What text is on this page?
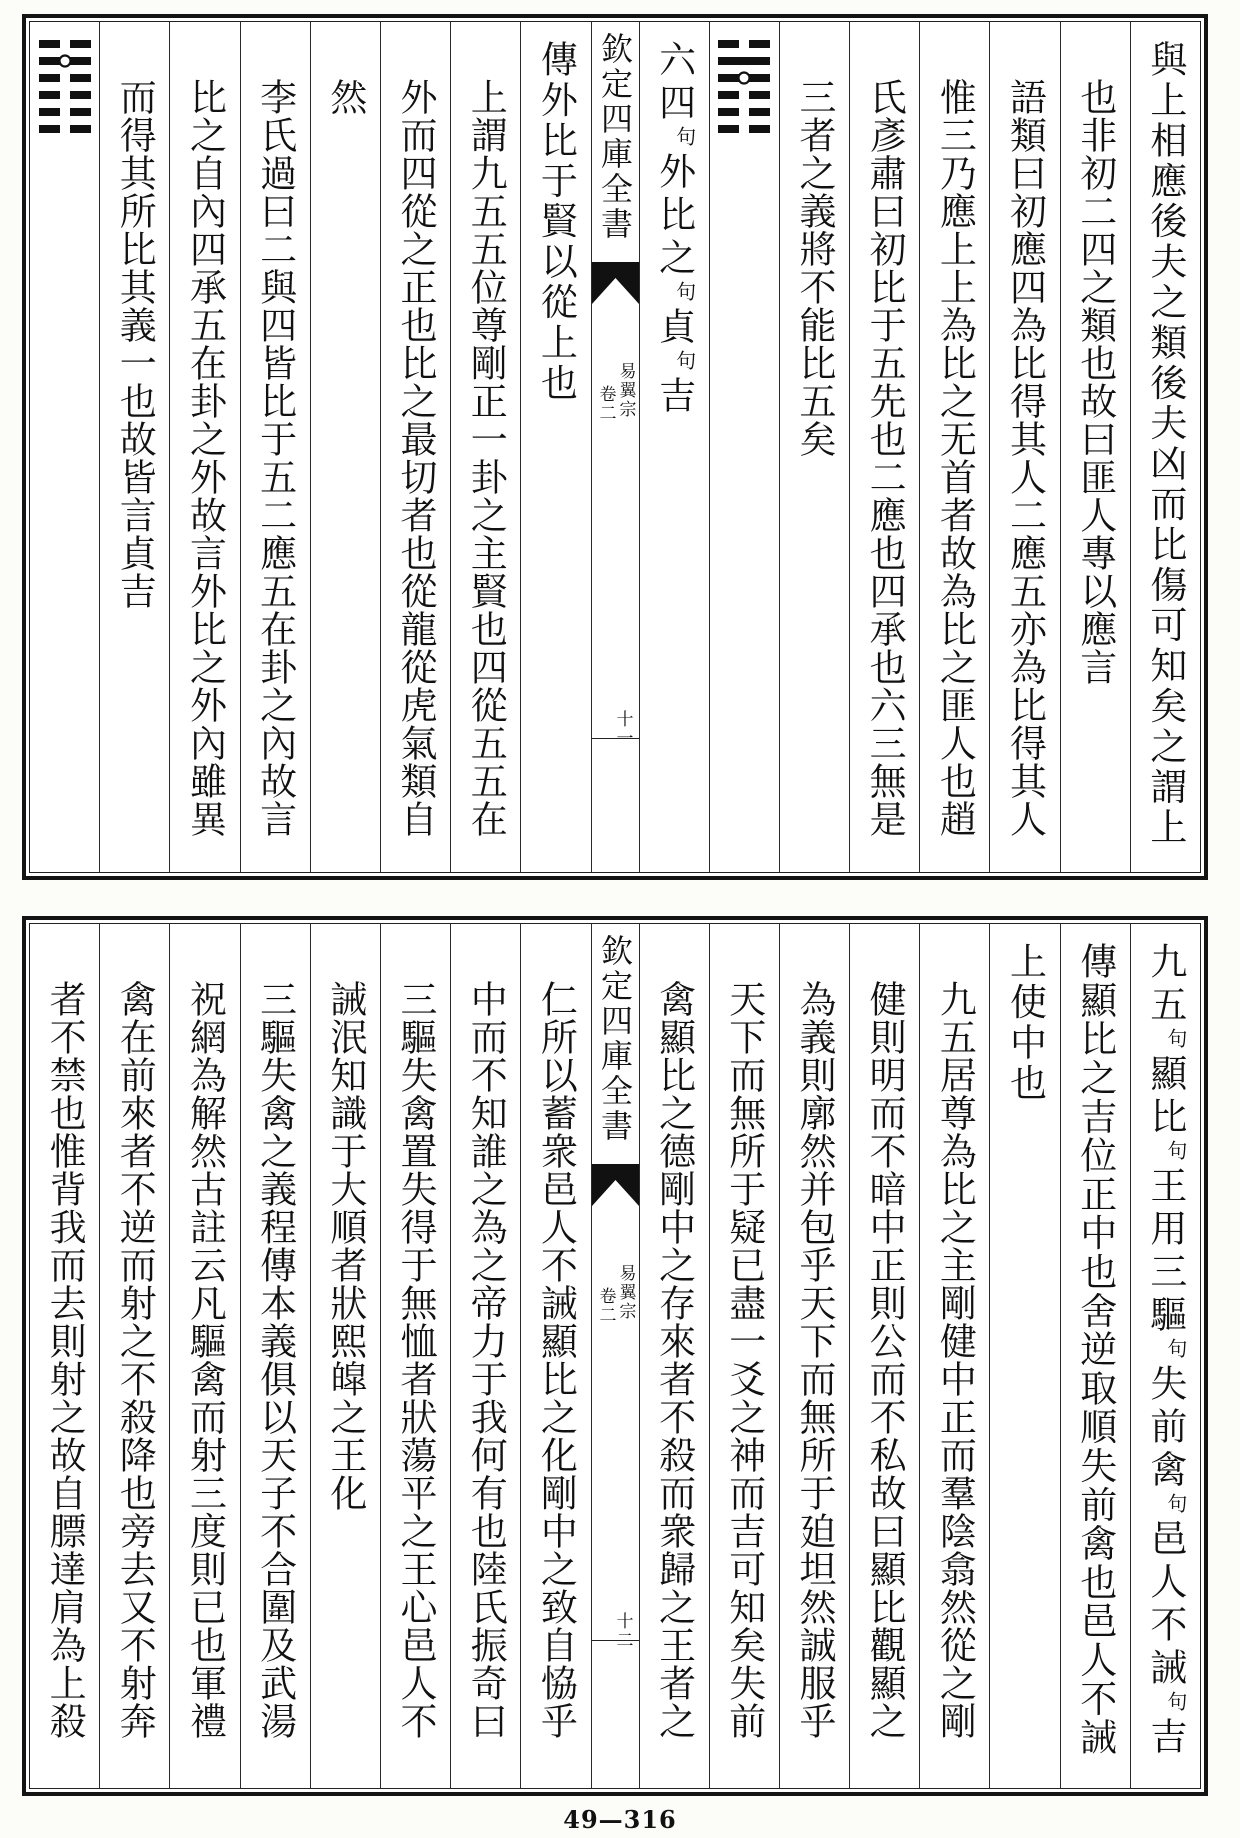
與上相應後夫之類後夫凶而比傷可知矣之謂上
也非初二四之類也故曰匪人專以應言
語類曰初應四為比得其人二應五亦為比得其人
惟三乃應上上為比之无首者故為比之匪人也趙
氏彥肅曰初比于五先也二應也四承也六三無是
三者之義將不能比五矣
六四句外比之句貞句吉
欽定四庫全書
易翼宗
卷二
十一
傳外比于賢以從上也
上謂九五五位尊剛正一卦之主賢也四從五五在
外而四從之正也比之最切者也從龍從虎氣類自
然
李氏過曰二與四皆比于五二應五在卦之內故言
比之自內四承五在卦之外故言外比之外內雖異
而得其所比其義一也故皆言貞吉
九五句顯比句王用三驅句失前禽句邑人不誡句吉
傳顯比之吉位正中也舍逆取順失前禽也邑人不誡
上使中也
九五居尊為比之主剛健中正而羣陰翕然從之剛
健則明而不暗中正則公而不私故曰顯比觀顯之
為義則廓然并包乎天下而無所于廹坦然誠服乎
天下而無所于疑已盡一爻之神而吉可知矣失前
禽顯比之德剛中之存來者不殺而衆歸之王者之
欽定四庫全書
易翼宗
卷二
十二
仁所以蓄衆邑人不誡顯比之化剛中之致自恊乎
中而不知誰之為之帝力于我何有也陸氏振奇曰
三驅失禽置失得于無恤者狀蕩平之王心邑人不
誡泯知識于大順者狀熙皡之王化
三驅失禽之義程傳本義俱以天子不合圍及武湯
祝網為解然古註云凡驅禽而射三度則已也軍禮
禽在前來者不逆而射之不殺降也旁去又不射奔
者不禁也惟背我而去則射之故自膘達肩為上殺
49—316
